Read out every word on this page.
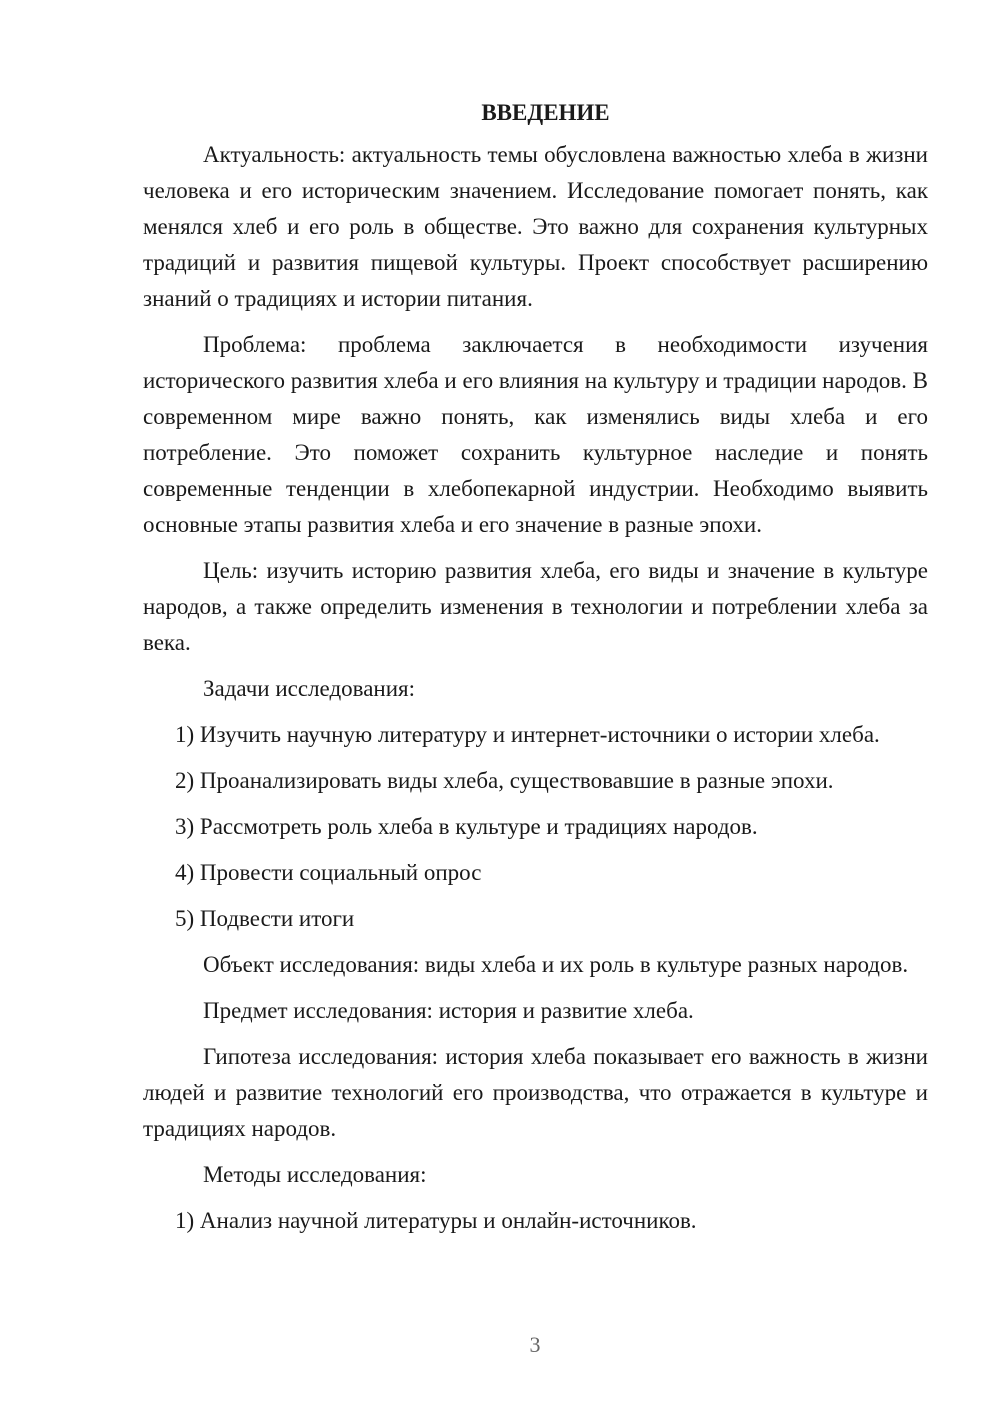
ВВЕДЕНИЕ

Актуальность: актуальность темы обусловлена важностью хлеба в жизни человека и его историческим значением. Исследование помогает понять, как менялся хлеб и его роль в обществе. Это важно для сохранения культурных традиций и развития пищевой культуры. Проект способствует расширению знаний о традициях и истории питания.

Проблема: проблема заключается в необходимости изучения исторического развития хлеба и его влияния на культуру и традиции народов. В современном мире важно понять, как изменялись виды хлеба и его потребление. Это поможет сохранить культурное наследие и понять современные тенденции в хлебопекарной индустрии. Необходимо выявить основные этапы развития хлеба и его значение в разные эпохи.

Цель: изучить историю развития хлеба, его виды и значение в культуре народов, а также определить изменения в технологии и потреблении хлеба за века.

Задачи исследования:

1) Изучить научную литературу и интернет-источники о истории хлеба.

2) Проанализировать виды хлеба, существовавшие в разные эпохи.

3) Рассмотреть роль хлеба в культуре и традициях народов.

4) Провести социальный опрос

5) Подвести итоги

Объект исследования: виды хлеба и их роль в культуре разных народов.

Предмет исследования: история и развитие хлеба.

Гипотеза исследования: история хлеба показывает его важность в жизни людей и развитие технологий его производства, что отражается в культуре и традициях народов.

Методы исследования:

1) Анализ научной литературы и онлайн-источников.

3
